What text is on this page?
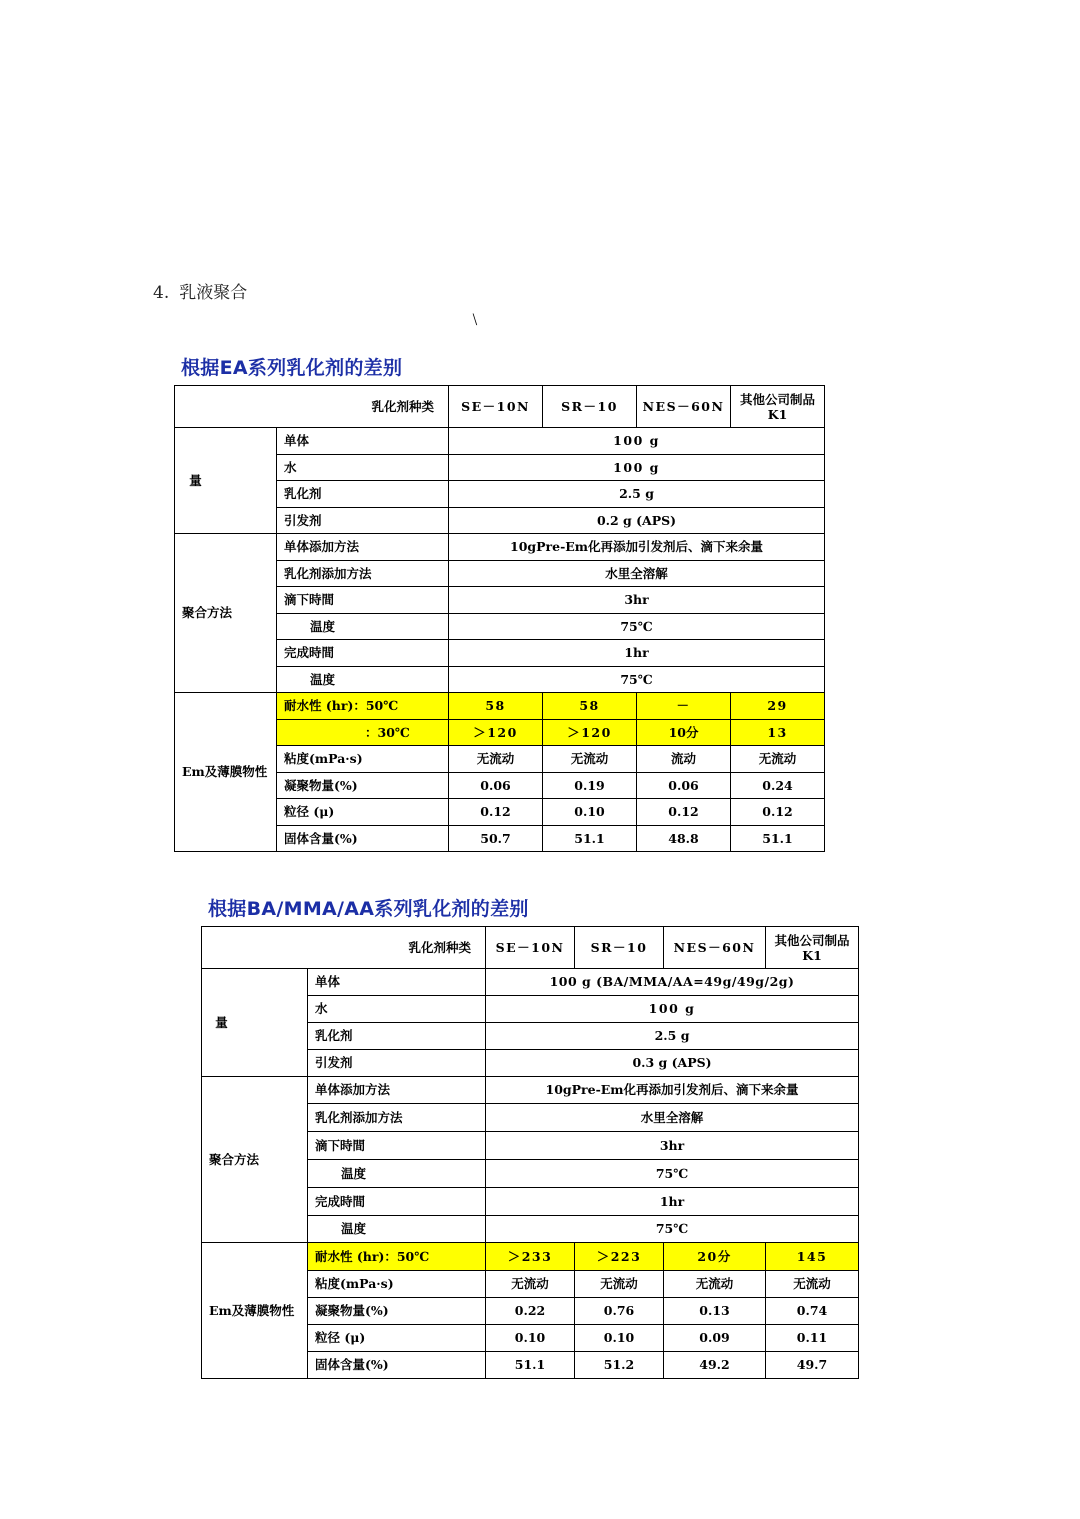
4. 乳液聚合
﹨
根据EA系列乳化剂的差别
乳化剂种类		SE－10N	SR－10	NES－60N	其他公司制品K1
量	单体	100 g			
	水	100 g			
	乳化剂	2.5 g			
	引发剂	0.2 g (APS)			
聚合方法	单体添加方法	10gPre-Em化再添加引发剂后、滴下来余量			
	乳化剂添加方法	水里全溶解			
	滴下時間	3hr			
	温度	75℃			
	完成時間	1hr			
	温度	75℃			
Em及薄膜物性	耐水性 (hr)：50℃	58	58	－	29
	：30℃	＞120	＞120	10分	13
	粘度(mPa·s)	无流动	无流动	流动	无流动
	凝聚物量(%)	0.06	0.19	0.06	0.24
	粒径 (μ)	0.12	0.10	0.12	0.12
	固体含量(%)	50.7	51.1	48.8	51.1
根据BA/MMA/AA系列乳化剂的差别
乳化剂种类		SE－10N	SR－10	NES－60N	其他公司制品K1
量	单体	100 g (BA/MMA/AA=49g/49g/2g)			
	水	100 g			
	乳化剂	2.5 g			
	引发剂	0.3 g (APS)			
聚合方法	单体添加方法	10gPre-Em化再添加引发剂后、滴下来余量			
	乳化剂添加方法	水里全溶解			
	滴下時間	3hr			
	温度	75℃			
	完成時間	1hr			
	温度	75℃			
Em及薄膜物性	耐水性 (hr)：50℃	＞233	＞223	20分	145
	粘度(mPa·s)	无流动	无流动	无流动	无流动
	凝聚物量(%)	0.22	0.76	0.13	0.74
	粒径 (μ)	0.10	0.10	0.09	0.11
	固体含量(%)	51.1	51.2	49.2	49.7
